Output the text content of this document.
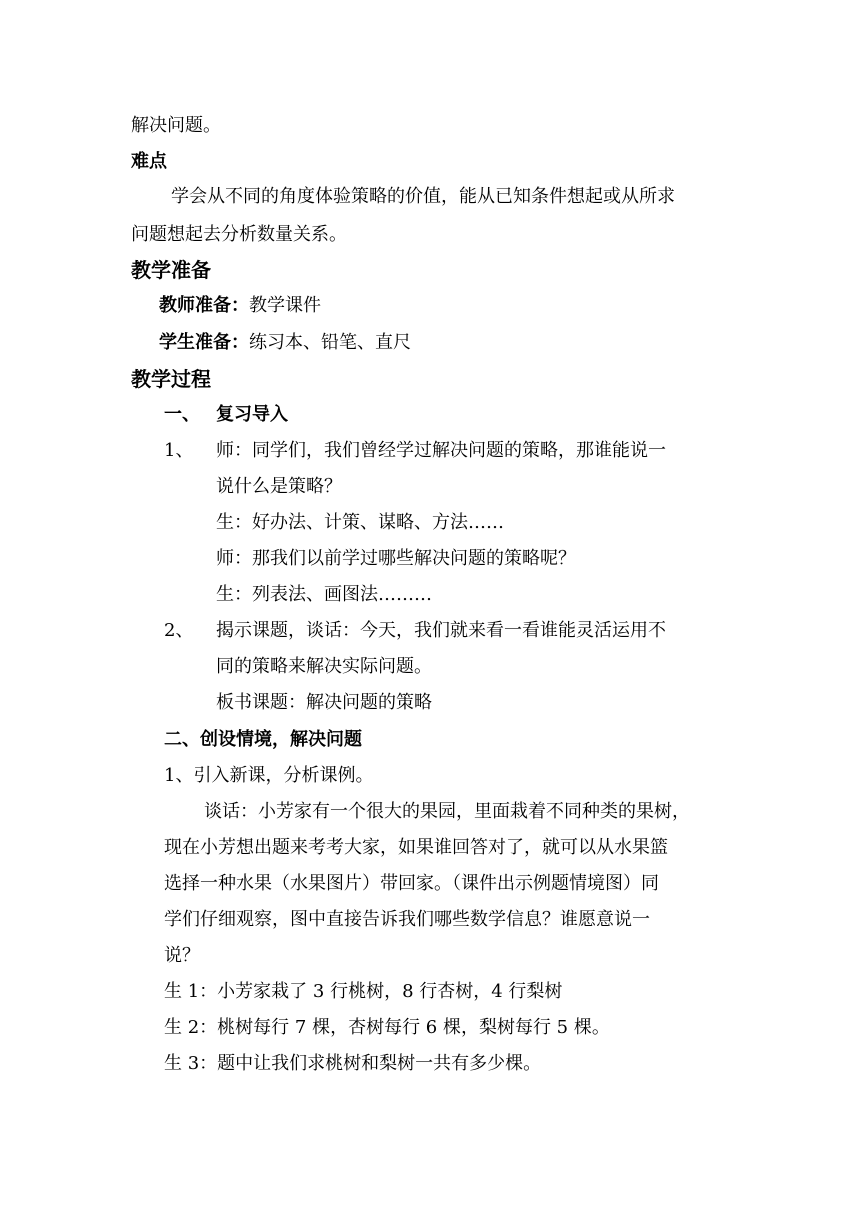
解决问题。
难点
学会从不同的角度体验策略的价值，能从已知条件想起或从所求
问题想起去分析数量关系。
教学准备
教师准备：教学课件
学生准备：练习本、铅笔、直尺
教学过程
一、 复习导入
1、 师：同学们，我们曾经学过解决问题的策略，那谁能说一
说什么是策略？
生：好办法、计策、谋略、方法……
师：那我们以前学过哪些解决问题的策略呢？
生：列表法、画图法………
2、 揭示课题，谈话：今天，我们就来看一看谁能灵活运用不
同的策略来解决实际问题。
板书课题：解决问题的策略
二、创设情境，解决问题
1、引入新课，分析课例。
谈话：小芳家有一个很大的果园，里面栽着不同种类的果树，
现在小芳想出题来考考大家，如果谁回答对了，就可以从水果篮
选择一种水果（水果图片）带回家。（课件出示例题情境图）同
学们仔细观察，图中直接告诉我们哪些数学信息？谁愿意说一
说？
生 1：小芳家栽了 3 行桃树，8 行杏树，4 行梨树
生 2：桃树每行 7 棵，杏树每行 6 棵，梨树每行 5 棵。
生 3：题中让我们求桃树和梨树一共有多少棵。
